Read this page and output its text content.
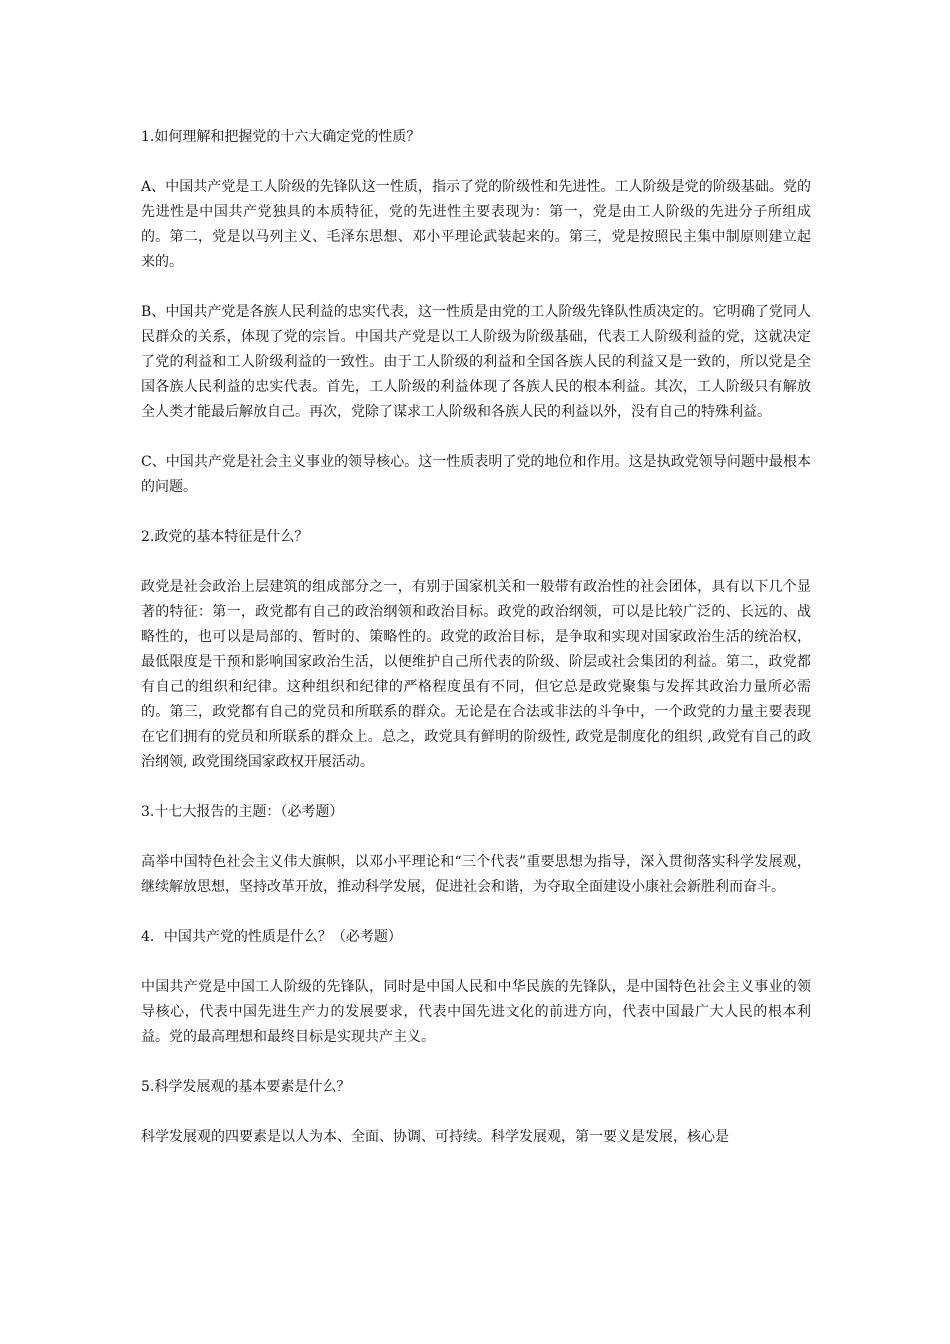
1.如何理解和把握党的十六大确定党的性质？

A、中国共产党是工人阶级的先锋队这一性质，指示了党的阶级性和先进性。工人阶级是党的阶级基础。党的先进性是中国共产党独具的本质特征，党的先进性主要表现为：第一，党是由工人阶级的先进分子所组成的。第二，党是以马列主义、毛泽东思想、邓小平理论武装起来的。第三，党是按照民主集中制原则建立起来的。

B、中国共产党是各族人民利益的忠实代表，这一性质是由党的工人阶级先锋队性质决定的。它明确了党同人民群众的关系，体现了党的宗旨。中国共产党是以工人阶级为阶级基础，代表工人阶级利益的党，这就决定了党的利益和工人阶级利益的一致性。由于工人阶级的利益和全国各族人民的利益又是一致的，所以党是全国各族人民利益的忠实代表。首先，工人阶级的利益体现了各族人民的根本利益。其次，工人阶级只有解放全人类才能最后解放自己。再次，党除了谋求工人阶级和各族人民的利益以外，没有自己的特殊利益。

C、中国共产党是社会主义事业的领导核心。这一性质表明了党的地位和作用。这是执政党领导问题中最根本的问题。

2.政党的基本特征是什么？

政党是社会政治上层建筑的组成部分之一，有别于国家机关和一般带有政治性的社会团体，具有以下几个显著的特征：第一，政党都有自己的政治纲领和政治目标。政党的政治纲领，可以是比较广泛的、长远的、战略性的，也可以是局部的、暂时的、策略性的。政党的政治目标，是争取和实现对国家政治生活的统治权，最低限度是干预和影响国家政治生活，以便维护自己所代表的阶级、阶层或社会集团的利益。第二，政党都有自己的组织和纪律。这种组织和纪律的严格程度虽有不同，但它总是政党聚集与发挥其政治力量所必需的。第三，政党都有自己的党员和所联系的群众。无论是在合法或非法的斗争中，一个政党的力量主要表现在它们拥有的党员和所联系的群众上。总之，政党具有鲜明的阶级性, 政党是制度化的组织 ,政党有自己的政治纲领, 政党围绕国家政权开展活动。

3.十七大报告的主题：（必考题）

高举中国特色社会主义伟大旗帜，以邓小平理论和“三个代表”重要思想为指导，深入贯彻落实科学发展观，继续解放思想，坚持改革开放，推动科学发展，促进社会和谐，为夺取全面建设小康社会新胜利而奋斗。

4．中国共产党的性质是什么？（必考题）

中国共产党是中国工人阶级的先锋队，同时是中国人民和中华民族的先锋队，是中国特色社会主义事业的领导核心，代表中国先进生产力的发展要求，代表中国先进文化的前进方向，代表中国最广大人民的根本利益。党的最高理想和最终目标是实现共产主义。

5.科学发展观的基本要素是什么？

科学发展观的四要素是以人为本、全面、协调、可持续。科学发展观，第一要义是发展，核心是
